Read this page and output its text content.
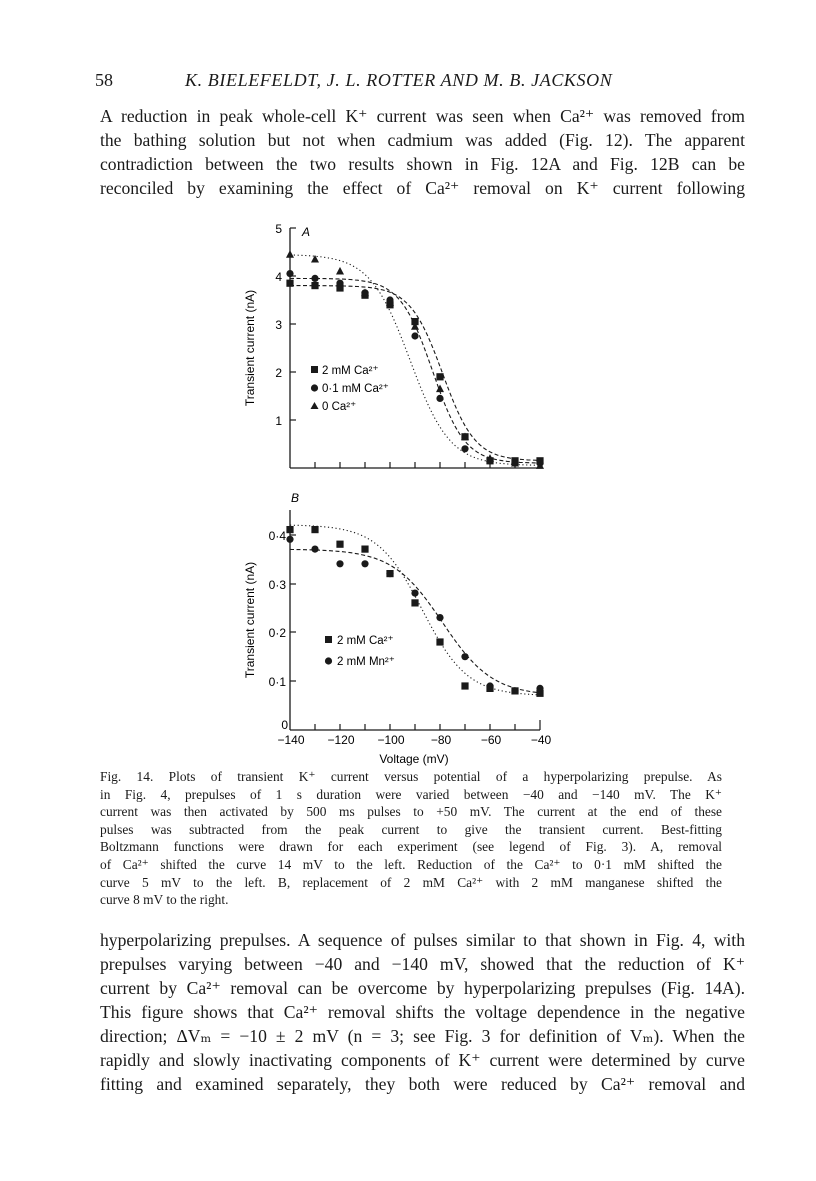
58	K. BIELEFELDT, J. L. ROTTER AND M. B. JACKSON
A reduction in peak whole-cell K⁺ current was seen when Ca²⁺ was removed from
the bathing solution but not when cadmium was added (Fig. 12). The apparent
contradiction between the two results shown in Fig. 12A and Fig. 12B can be
reconciled by examining the effect of Ca²⁺ removal on K⁺ current following
5
4
3
2
1
A
Transient current (nA)	2 mM Ca²⁺
0·1 mM Ca²⁺
0 Ca²⁺
0
0·1
0·2
0·3
0·4
−140 −120 −100 −80 −60 −40
Voltage (mV)
B
Transient current (nA)	2 mM Ca²⁺
2 mM Mn²⁺
Fig. 14. Plots of transient K⁺ current versus potential of a hyperpolarizing prepulse. As
in Fig. 4, prepulses of 1 s duration were varied between −40 and −140 mV. The K⁺
current was then activated by 500 ms pulses to +50 mV. The current at the end of these
pulses was subtracted from the peak current to give the transient current. Best-fitting
Boltzmann functions were drawn for each experiment (see legend of Fig. 3). A, removal
of Ca²⁺ shifted the curve 14 mV to the left. Reduction of the Ca²⁺ to 0·1 mM shifted the
curve 5 mV to the left. B, replacement of 2 mM Ca²⁺ with 2 mM manganese shifted the
curve 8 mV to the right.
hyperpolarizing prepulses. A sequence of pulses similar to that shown in Fig. 4, with
prepulses varying between −40 and −140 mV, showed that the reduction of K⁺
current by Ca²⁺ removal can be overcome by hyperpolarizing prepulses (Fig. 14A).
This figure shows that Ca²⁺ removal shifts the voltage dependence in the negative
direction; ΔVₘ = −10 ± 2 mV (n = 3; see Fig. 3 for definition of Vₘ). When the
rapidly and slowly inactivating components of K⁺ current were determined by curve
fitting and examined separately, they both were reduced by Ca²⁺ removal and
